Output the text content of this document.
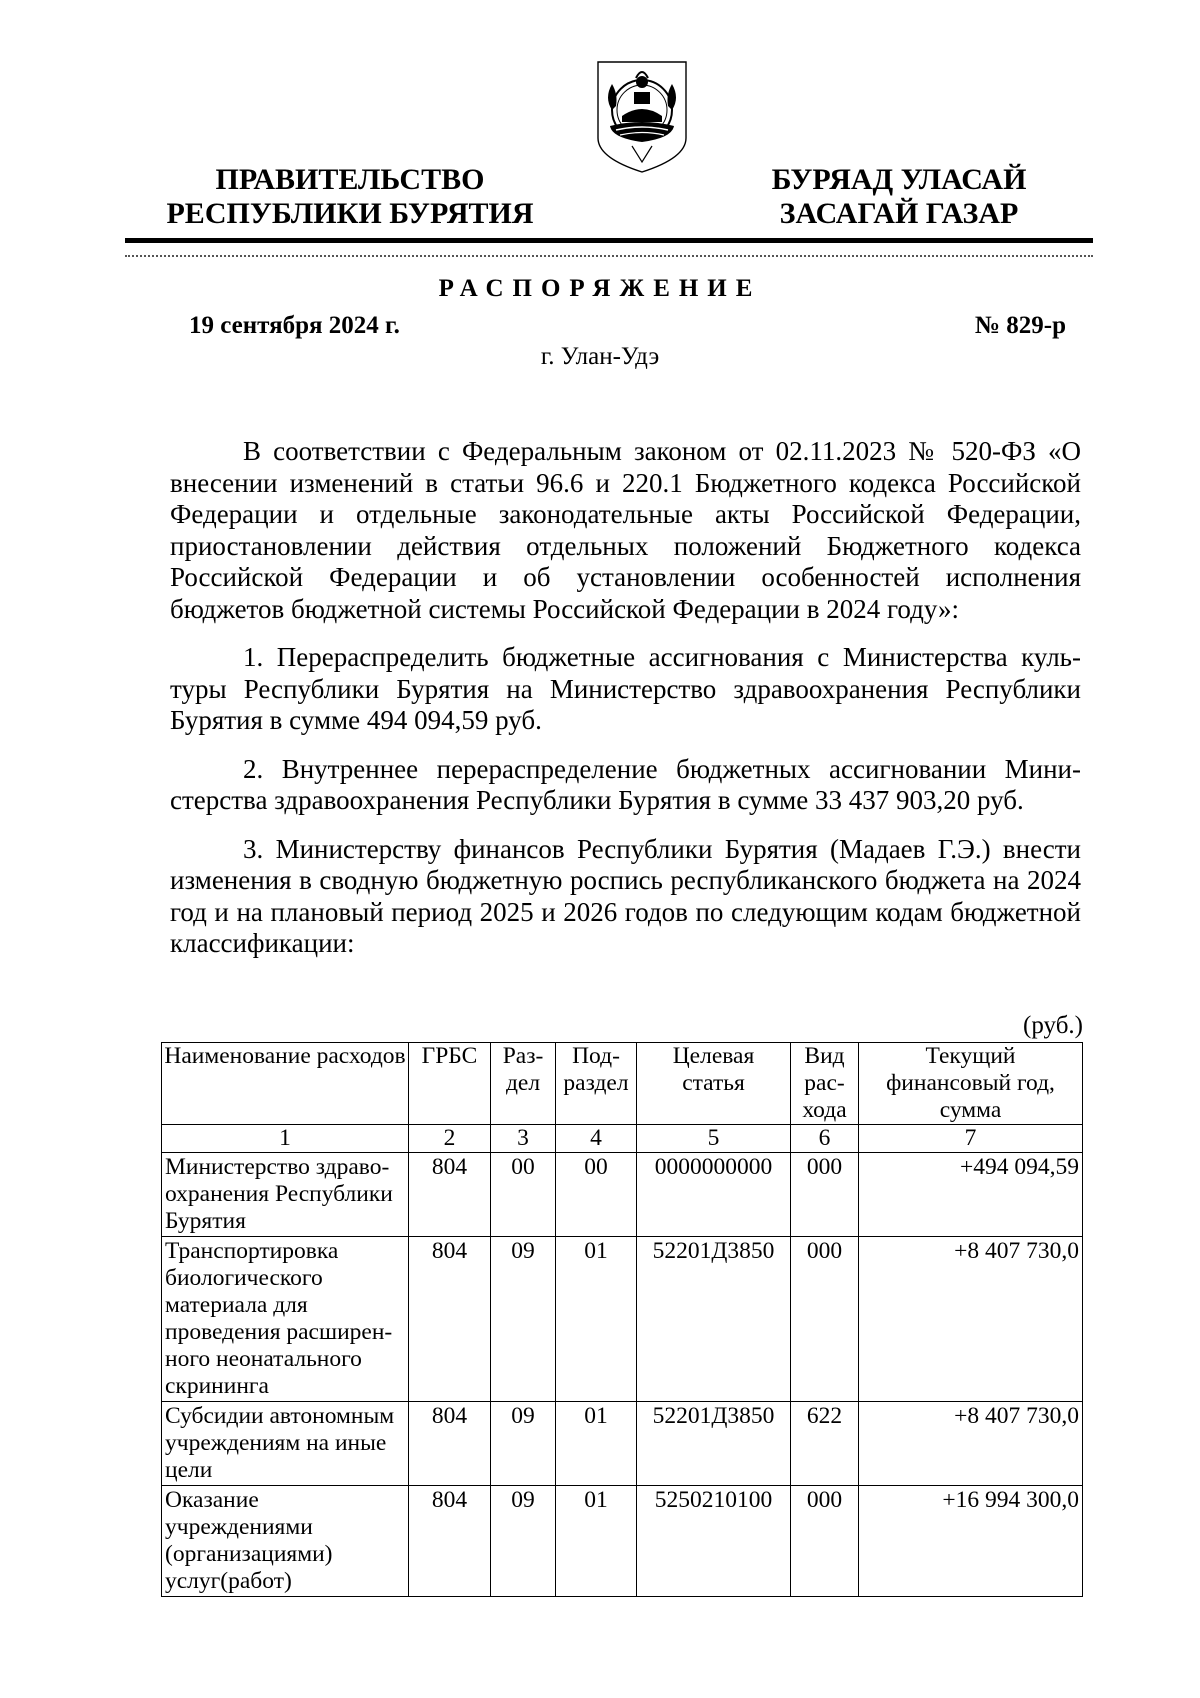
ПРАВИТЕЛЬСТВО
РЕСПУБЛИКИ БУРЯТИЯ
БУРЯАД УЛАСАЙ
ЗАСАГАЙ ГАЗАР
РАСПОРЯЖЕНИЕ
19 сентября 2024 г.	№ 829-р
г. Улан-Удэ

В соответствии с Федеральным законом от 02.11.2023 № 520-ФЗ «О внесении изменений в статьи 96.6 и 220.1 Бюджетного кодекса Российской Федерации и отдельные законодательные акты Российской Федерации, приостановлении действия отдельных положений Бюджетного кодекса Российской Федерации и об установлении особенностей исполнения бюджетов бюджетной системы Российской Федерации в 2024 году»:

1. Перераспределить бюджетные ассигнования с Министерства культуры Республики Бурятия на Министерство здравоохранения Республики Бурятия в сумме 494 094,59 руб.

2. Внутреннее перераспределение бюджетных ассигновании Министерства здравоохранения Республики Бурятия в сумме 33 437 903,20 руб.

3. Министерству финансов Республики Бурятия (Мадаев Г.Э.) внести изменения в сводную бюджетную роспись республиканского бюджета на 2024 год и на плановый период 2025 и 2026 годов по следующим кодам бюджетной классификации:

(руб.)
Наименование расходов	ГРБС	Раздел	Подраздел	Целевая статья	Вид расхода	Текущий финансовый год, сумма
1	2	3	4	5	6	7
Министерство здравоохранения Республики Бурятия	804	00	00	0000000000	000	+494 094,59
Транспортировка биологического материала для проведения расширенного неонатального скрининга	804	09	01	52201Д3850	000	+8 407 730,0
Субсидии автономным учреждениям на иные цели	804	09	01	52201Д3850	622	+8 407 730,0
Оказание учреждениями (организациями) услуг(работ)	804	09	01	5250210100	000	+16 994 300,0
